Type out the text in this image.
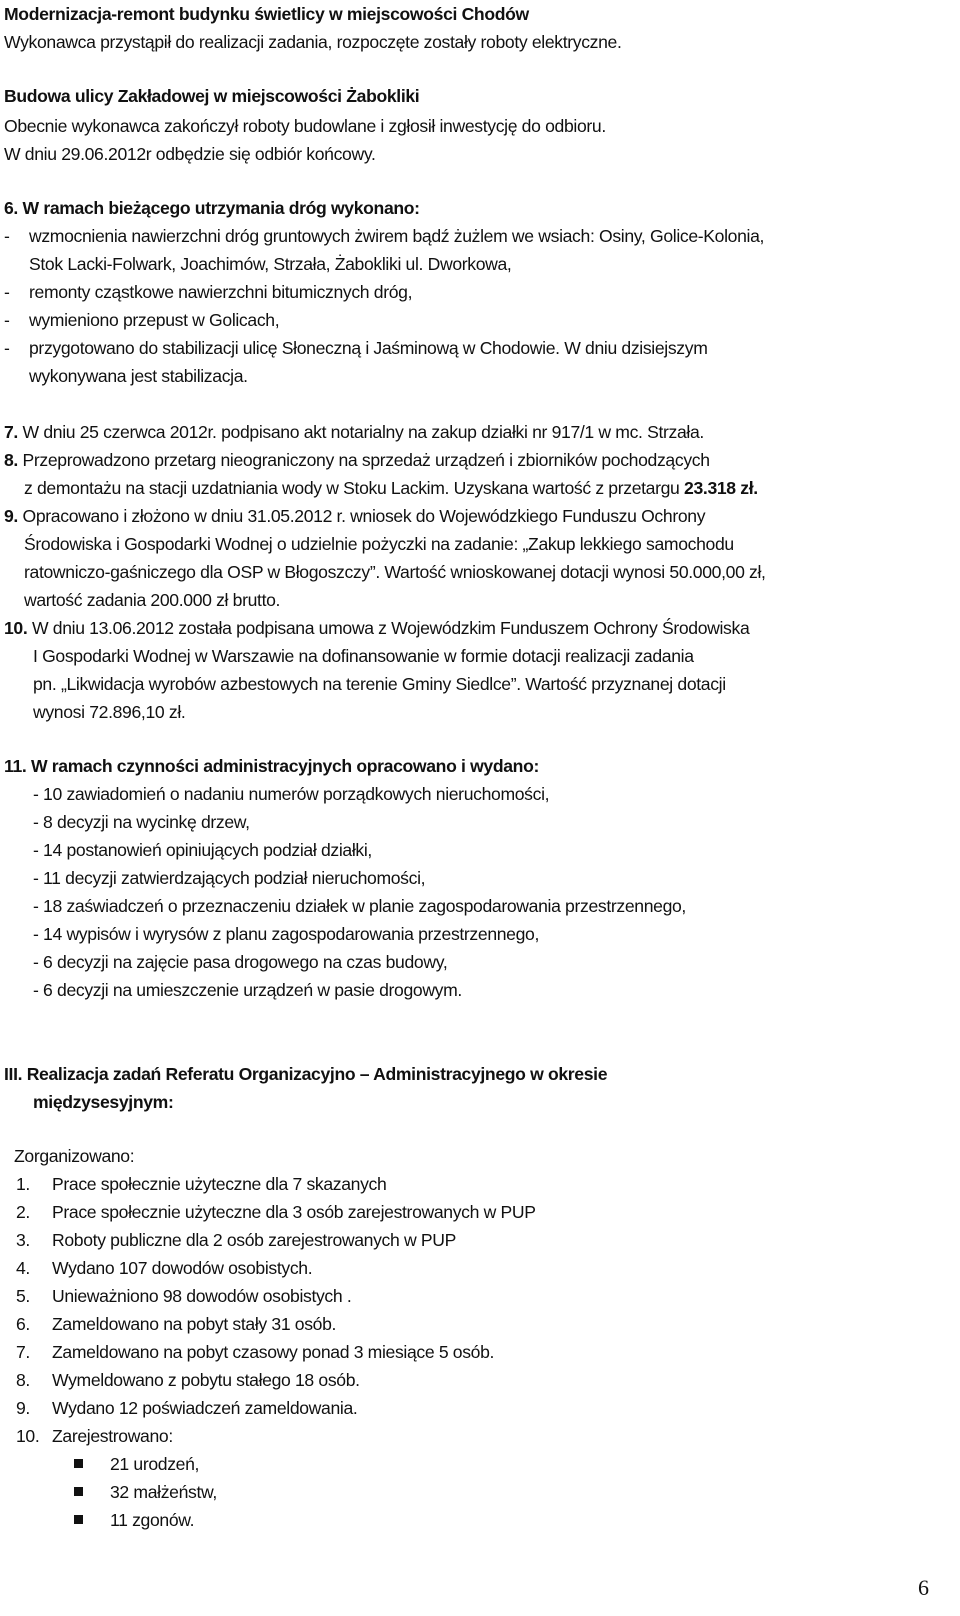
Modernizacja-remont budynku świetlicy w miejscowości Chodów
Wykonawca przystąpił do realizacji zadania, rozpoczęte zostały roboty elektryczne.
Budowa ulicy Zakładowej w miejscowości Żabokliki
Obecnie wykonawca zakończył roboty budowlane i zgłosił inwestycję do odbioru.
W dniu 29.06.2012r odbędzie się odbiór końcowy.
6. W ramach bieżącego utrzymania dróg wykonano:
- wzmocnienia nawierzchni dróg gruntowych żwirem bądź żużlem we wsiach: Osiny, Golice-Kolonia,
Stok Lacki-Folwark, Joachimów, Strzała, Żabokliki ul. Dworkowa,
- remonty cząstkowe nawierzchni bitumicznych dróg,
- wymieniono przepust w Golicach,
- przygotowano do stabilizacji ulicę Słoneczną i Jaśminową w Chodowie. W dniu dzisiejszym
wykonywana jest stabilizacja.
7. W dniu 25 czerwca 2012r. podpisano akt notarialny na zakup działki nr 917/1 w mc. Strzała.
8. Przeprowadzono przetarg nieograniczony na sprzedaż urządzeń i zbiorników pochodzących
z demontażu na stacji uzdatniania wody w Stoku Lackim. Uzyskana wartość z przetargu 23.318 zł.
9. Opracowano i złożono w dniu 31.05.2012 r. wniosek do Wojewódzkiego Funduszu Ochrony
Środowiska i Gospodarki Wodnej o udzielnie pożyczki na zadanie: „Zakup lekkiego samochodu
ratowniczo-gaśniczego dla OSP w Błogoszczy”. Wartość wnioskowanej dotacji wynosi 50.000,00 zł,
wartość zadania 200.000 zł brutto.
10. W dniu 13.06.2012 została podpisana umowa z Wojewódzkim Funduszem Ochrony Środowiska
I Gospodarki Wodnej w Warszawie na dofinansowanie w formie dotacji realizacji zadania
pn. „Likwidacja wyrobów azbestowych na terenie Gminy Siedlce”. Wartość przyznanej dotacji
wynosi 72.896,10 zł.
11. W ramach czynności administracyjnych opracowano i wydano:
- 10 zawiadomień o nadaniu numerów porządkowych nieruchomości,
- 8 decyzji na wycinkę drzew,
- 14 postanowień opiniujących podział działki,
- 11 decyzji zatwierdzających podział nieruchomości,
- 18 zaświadczeń o przeznaczeniu działek w planie zagospodarowania przestrzennego,
- 14 wypisów i wyrysów z planu zagospodarowania przestrzennego,
- 6 decyzji na zajęcie pasa drogowego na czas budowy,
- 6 decyzji na umieszczenie urządzeń w pasie drogowym.
III. Realizacja zadań Referatu Organizacyjno – Administracyjnego w okresie
międzysesyjnym:
Zorganizowano:
1. Prace społecznie użyteczne dla 7 skazanych
2. Prace społecznie użyteczne dla 3 osób zarejestrowanych w PUP
3. Roboty publiczne dla 2 osób zarejestrowanych w PUP
4. Wydano 107 dowodów osobistych.
5. Unieważniono 98 dowodów osobistych .
6. Zameldowano na pobyt stały 31 osób.
7. Zameldowano na pobyt czasowy ponad 3 miesiące 5 osób.
8. Wymeldowano z pobytu stałego 18 osób.
9. Wydano 12 poświadczeń zameldowania.
10. Zarejestrowano:
21 urodzeń,
32 małżeństw,
11 zgonów.
6
